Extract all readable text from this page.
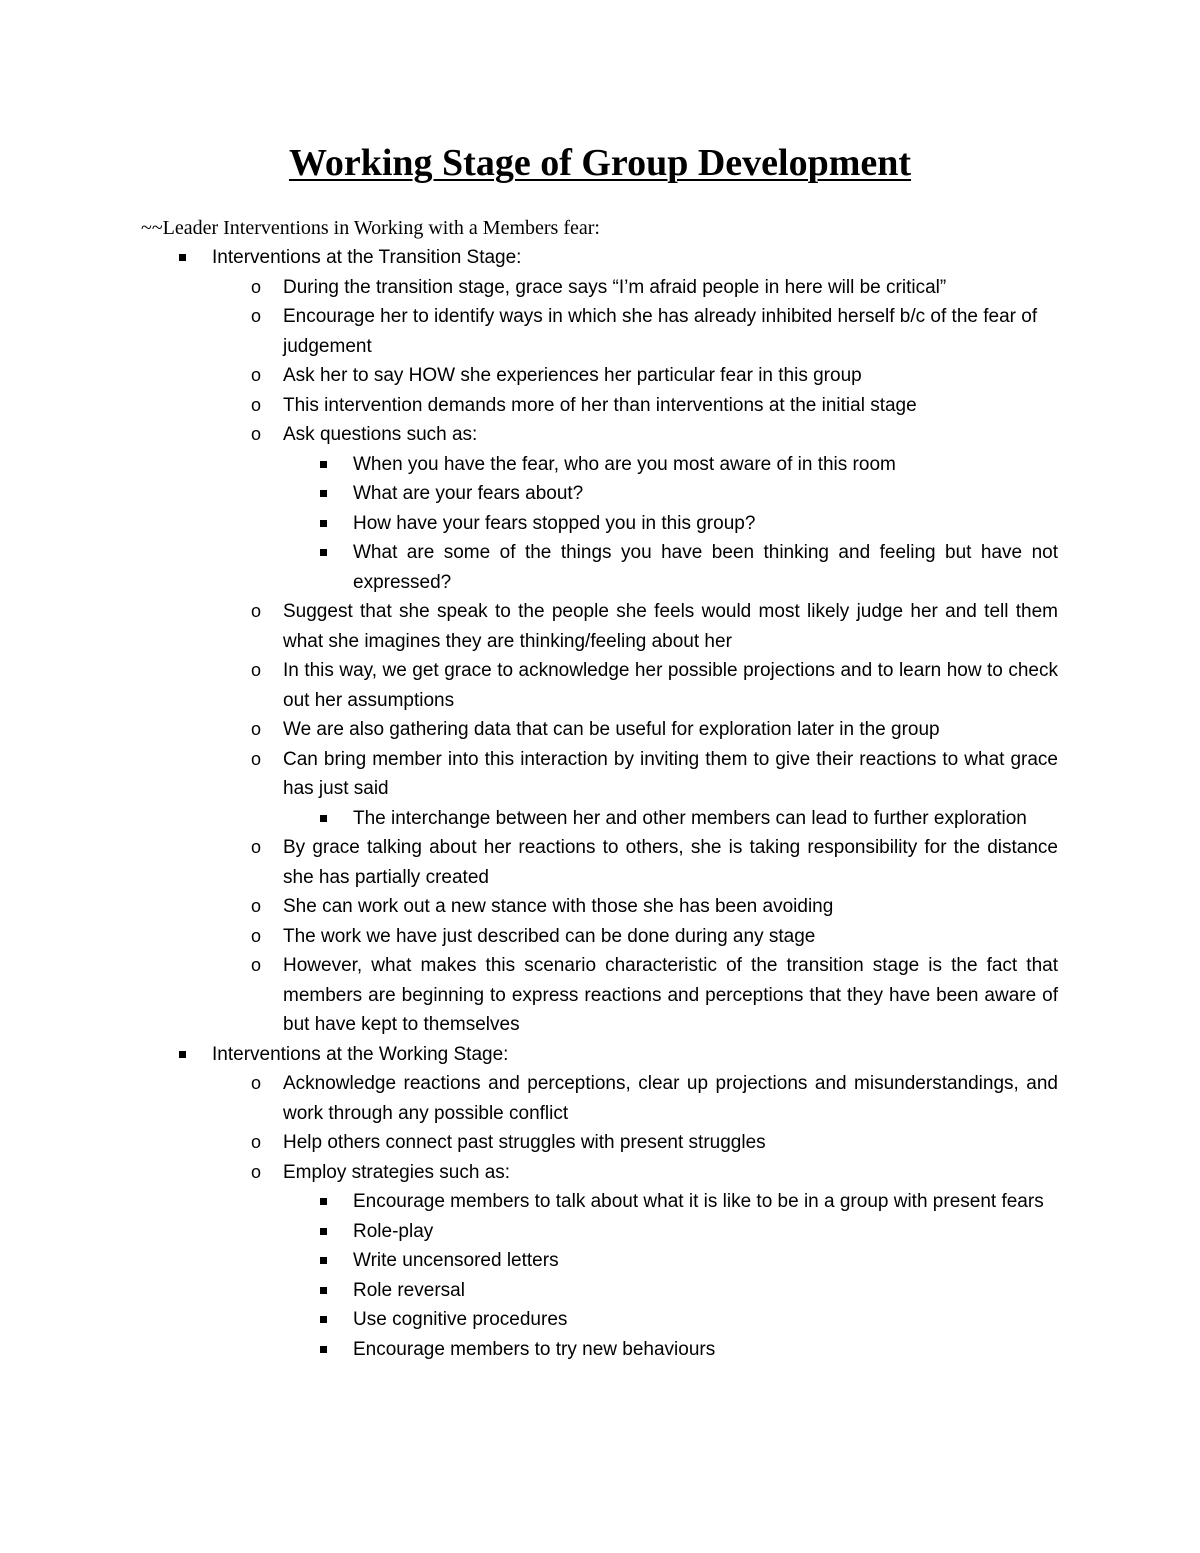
Working Stage of Group Development

~~Leader Interventions in Working with a Members fear:

Interventions at the Transition Stage:

o During the transition stage, grace says “I’m afraid people in here will be critical”

o Encourage her to identify ways in which she has already inhibited herself b/c of the fear of judgement

o Ask her to say HOW she experiences her particular fear in this group

o This intervention demands more of her than interventions at the initial stage

o Ask questions such as:

When you have the fear, who are you most aware of in this room

What are your fears about?

How have your fears stopped you in this group?

What are some of the things you have been thinking and feeling but have not expressed?

o Suggest that she speak to the people she feels would most likely judge her and tell them what she imagines they are thinking/feeling about her

o In this way, we get grace to acknowledge her possible projections and to learn how to check out her assumptions

o We are also gathering data that can be useful for exploration later in the group

o Can bring member into this interaction by inviting them to give their reactions to what grace has just said

The interchange between her and other members can lead to further exploration

o By grace talking about her reactions to others, she is taking responsibility for the distance she has partially created

o She can work out a new stance with those she has been avoiding

o The work we have just described can be done during any stage

o However, what makes this scenario characteristic of the transition stage is the fact that members are beginning to express reactions and perceptions that they have been aware of but have kept to themselves

Interventions at the Working Stage:

o Acknowledge reactions and perceptions, clear up projections and misunderstandings, and work through any possible conflict

o Help others connect past struggles with present struggles

o Employ strategies such as:

Encourage members to talk about what it is like to be in a group with present fears

Role-play

Write uncensored letters

Role reversal

Use cognitive procedures

Encourage members to try new behaviours
